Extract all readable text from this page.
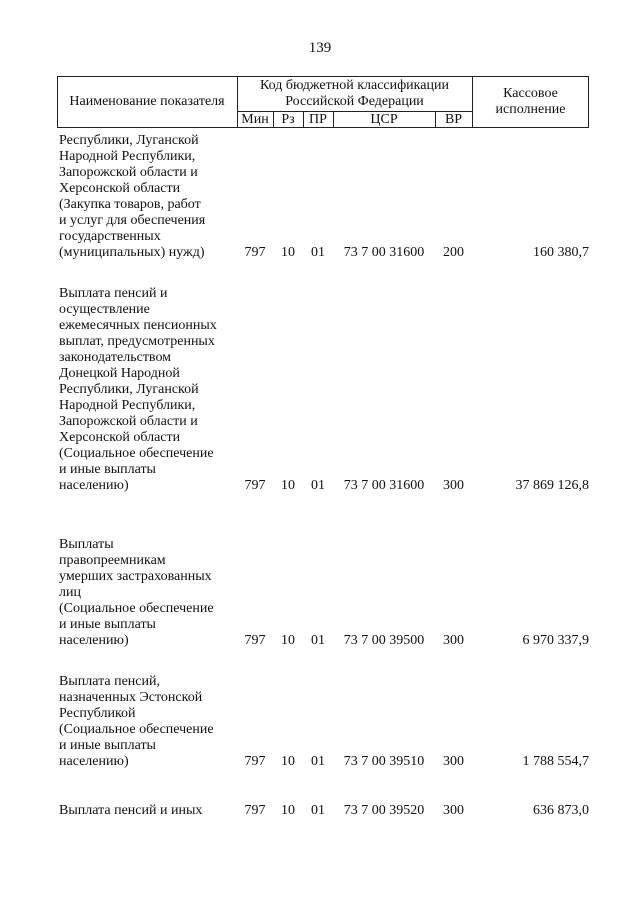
139
Наименование показателя
Код бюджетной классификации
Российской Федерации
Кассовое
исполнение
Мин Рз	ПР	ЦСР	ВР
Республики, Луганской
Народной Республики,
Запорожской области и
Херсонской области
(Закупка товаров, работ
и услуг для обеспечения
государственных
(муниципальных) нужд)	797	10	01	73 7 00 31600	200	160 380,7
Выплата пенсий и
осуществление
ежемесячных пенсионных
выплат, предусмотренных
законодательством
Донецкой Народной
Республики, Луганской
Народной Республики,
Запорожской области и
Херсонской области
(Социальное обеспечение
и иные выплаты
населению)	797	10	01	73 7 00 31600	300	37 869 126,8
Выплаты
правопреемникам
умерших застрахованных
лиц
(Социальное обеспечение
и иные выплаты
населению)	797	10	01	73 7 00 39500	300	6 970 337,9
Выплата пенсий,
назначенных Эстонской
Республикой
(Социальное обеспечение
и иные выплаты
населению)	797	10	01	73 7 00 39510	300	1 788 554,7
Выплата пенсий и иных	797	10	01	73 7 00 39520	300	636 873,0
